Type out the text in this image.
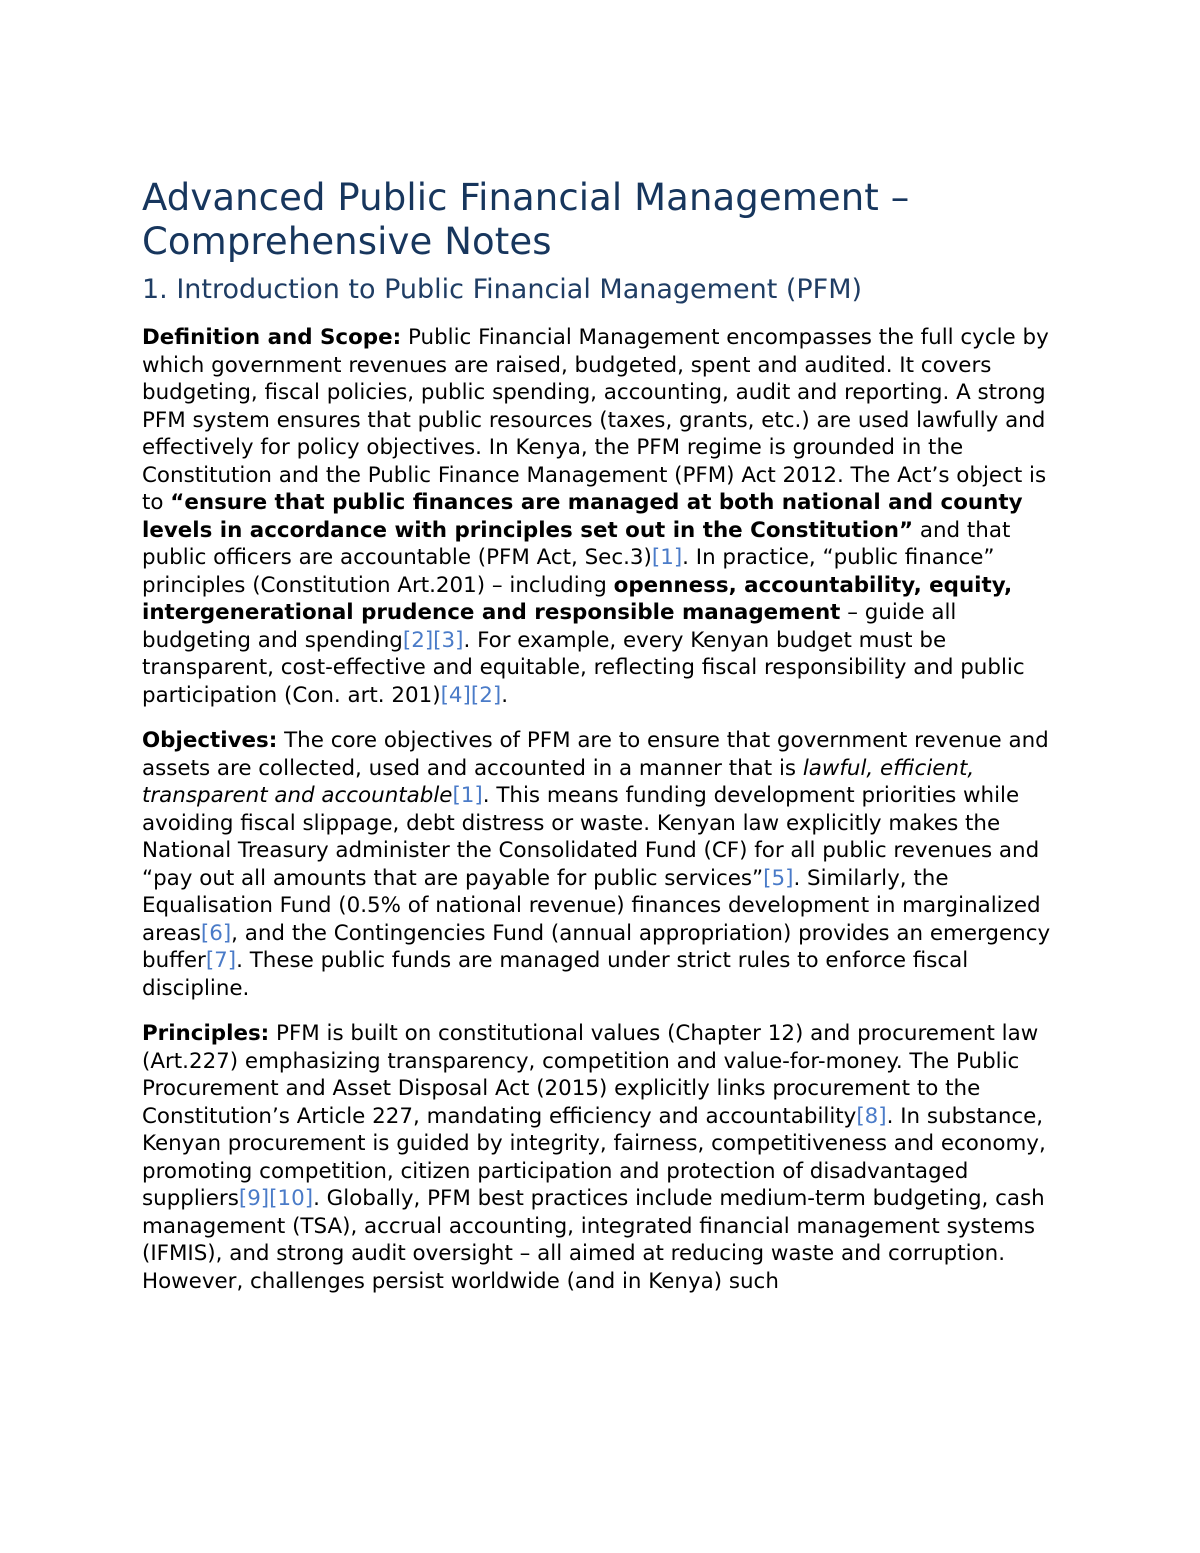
Advanced Public Financial Management – Comprehensive Notes
1. Introduction to Public Financial Management (PFM)

Definition and Scope: Public Financial Management encompasses the full cycle by which government revenues are raised, budgeted, spent and audited. It covers budgeting, fiscal policies, public spending, accounting, audit and reporting. A strong PFM system ensures that public resources (taxes, grants, etc.) are used lawfully and effectively for policy objectives. In Kenya, the PFM regime is grounded in the Constitution and the Public Finance Management (PFM) Act 2012. The Act’s object is to “ensure that public finances are managed at both national and county levels in accordance with principles set out in the Constitution” and that public officers are accountable (PFM Act, Sec.3)[1]. In practice, “public finance” principles (Constitution Art.201) – including openness, accountability, equity, intergenerational prudence and responsible management – guide all budgeting and spending[2][3]. For example, every Kenyan budget must be transparent, cost-effective and equitable, reflecting fiscal responsibility and public participation (Con. art. 201)[4][2].

Objectives: The core objectives of PFM are to ensure that government revenue and assets are collected, used and accounted in a manner that is lawful, efficient, transparent and accountable[1]. This means funding development priorities while avoiding fiscal slippage, debt distress or waste. Kenyan law explicitly makes the National Treasury administer the Consolidated Fund (CF) for all public revenues and “pay out all amounts that are payable for public services”[5]. Similarly, the Equalisation Fund (0.5% of national revenue) finances development in marginalized areas[6], and the Contingencies Fund (annual appropriation) provides an emergency buffer[7]. These public funds are managed under strict rules to enforce fiscal discipline.

Principles: PFM is built on constitutional values (Chapter 12) and procurement law (Art.227) emphasizing transparency, competition and value-for-money. The Public Procurement and Asset Disposal Act (2015) explicitly links procurement to the Constitution’s Article 227, mandating efficiency and accountability[8]. In substance, Kenyan procurement is guided by integrity, fairness, competitiveness and economy, promoting competition, citizen participation and protection of disadvantaged suppliers[9][10]. Globally, PFM best practices include medium-term budgeting, cash management (TSA), accrual accounting, integrated financial management systems (IFMIS), and strong audit oversight – all aimed at reducing waste and corruption. However, challenges persist worldwide (and in Kenya) such
